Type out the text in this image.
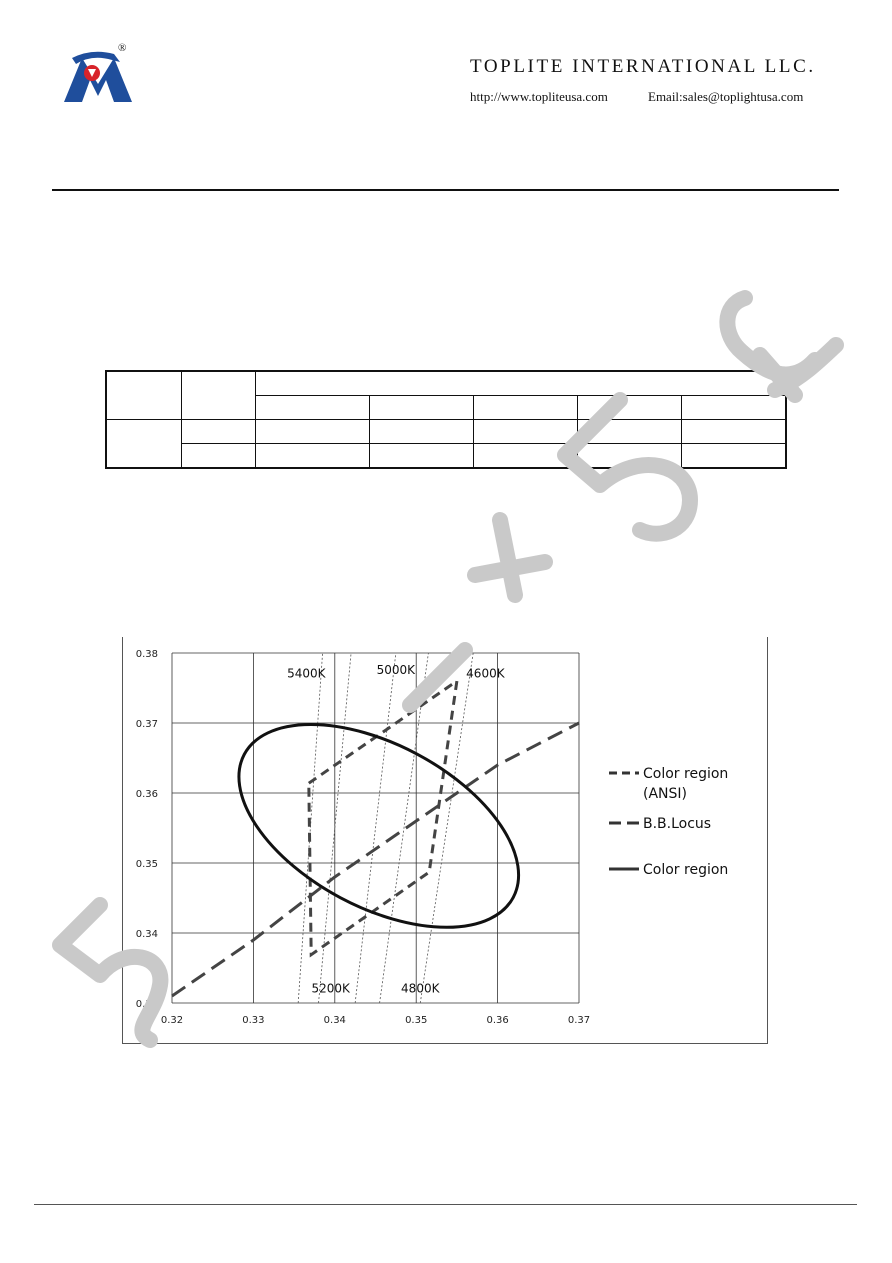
®
TOPLITE INTERNATIONAL LLC.
http://www.topliteusa.com	Email:sales@toplightusa.com

0.32	0.33	0.34	0.35	0.36	0.37
0.33
0.34
0.35
0.36
0.37
0.38
5400K	5000K	4600K
5200K	4800K
Color region (ANSI)
B.B.Locus
Color region
